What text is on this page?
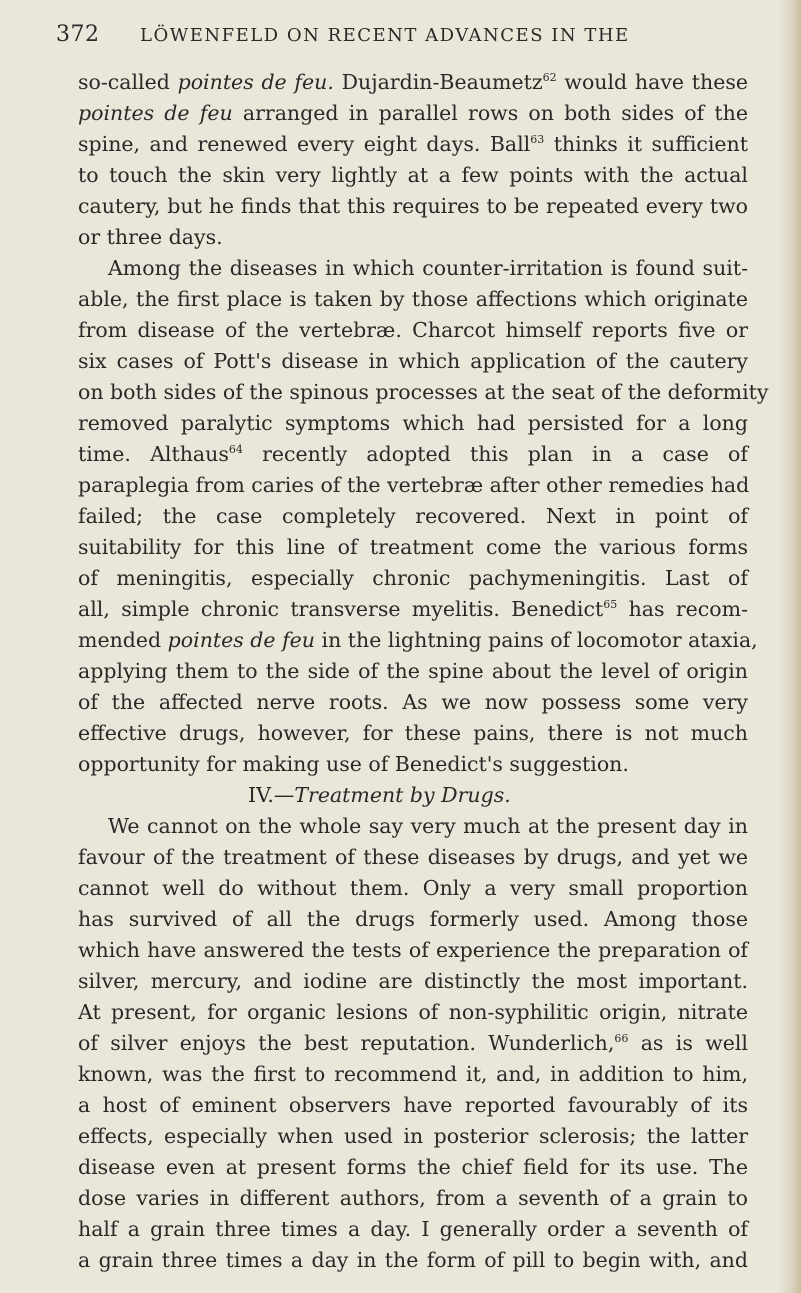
372 LÖWENFELD ON RECENT ADVANCES IN THE
so-called pointes de feu. Dujardin-Beaumetz$^{62}$ would have these
pointes de feu arranged in parallel rows on both sides of the
spine, and renewed every eight days. Ball$^{63}$ thinks it sufficient
to touch the skin very lightly at a few points with the actual
cautery, but he finds that this requires to be repeated every two
or three days.
Among the diseases in which counter-irritation is found suit-
able, the first place is taken by those affections which originate
from disease of the vertebræ. Charcot himself reports five or
six cases of Pott's disease in which application of the cautery
on both sides of the spinous processes at the seat of the deformity
removed paralytic symptoms which had persisted for a long
time. Althaus$^{64}$ recently adopted this plan in a case of
paraplegia from caries of the vertebræ after other remedies had
failed; the case completely recovered. Next in point of
suitability for this line of treatment come the various forms
of meningitis, especially chronic pachymeningitis. Last of
all, simple chronic transverse myelitis. Benedict$^{65}$ has recom-
mended pointes de feu in the lightning pains of locomotor ataxia,
applying them to the side of the spine about the level of origin
of the affected nerve roots. As we now possess some very
effective drugs, however, for these pains, there is not much
opportunity for making use of Benedict's suggestion.
IV.—Treatment by Drugs.
We cannot on the whole say very much at the present day in
favour of the treatment of these diseases by drugs, and yet we
cannot well do without them. Only a very small proportion
has survived of all the drugs formerly used. Among those
which have answered the tests of experience the preparation of
silver, mercury, and iodine are distinctly the most important.
At present, for organic lesions of non-syphilitic origin, nitrate
of silver enjoys the best reputation. Wunderlich,$^{66}$ as is well
known, was the first to recommend it, and, in addition to him,
a host of eminent observers have reported favourably of its
effects, especially when used in posterior sclerosis; the latter
disease even at present forms the chief field for its use. The
dose varies in different authors, from a seventh of a grain to
half a grain three times a day. I generally order a seventh of
a grain three times a day in the form of pill to begin with, and
